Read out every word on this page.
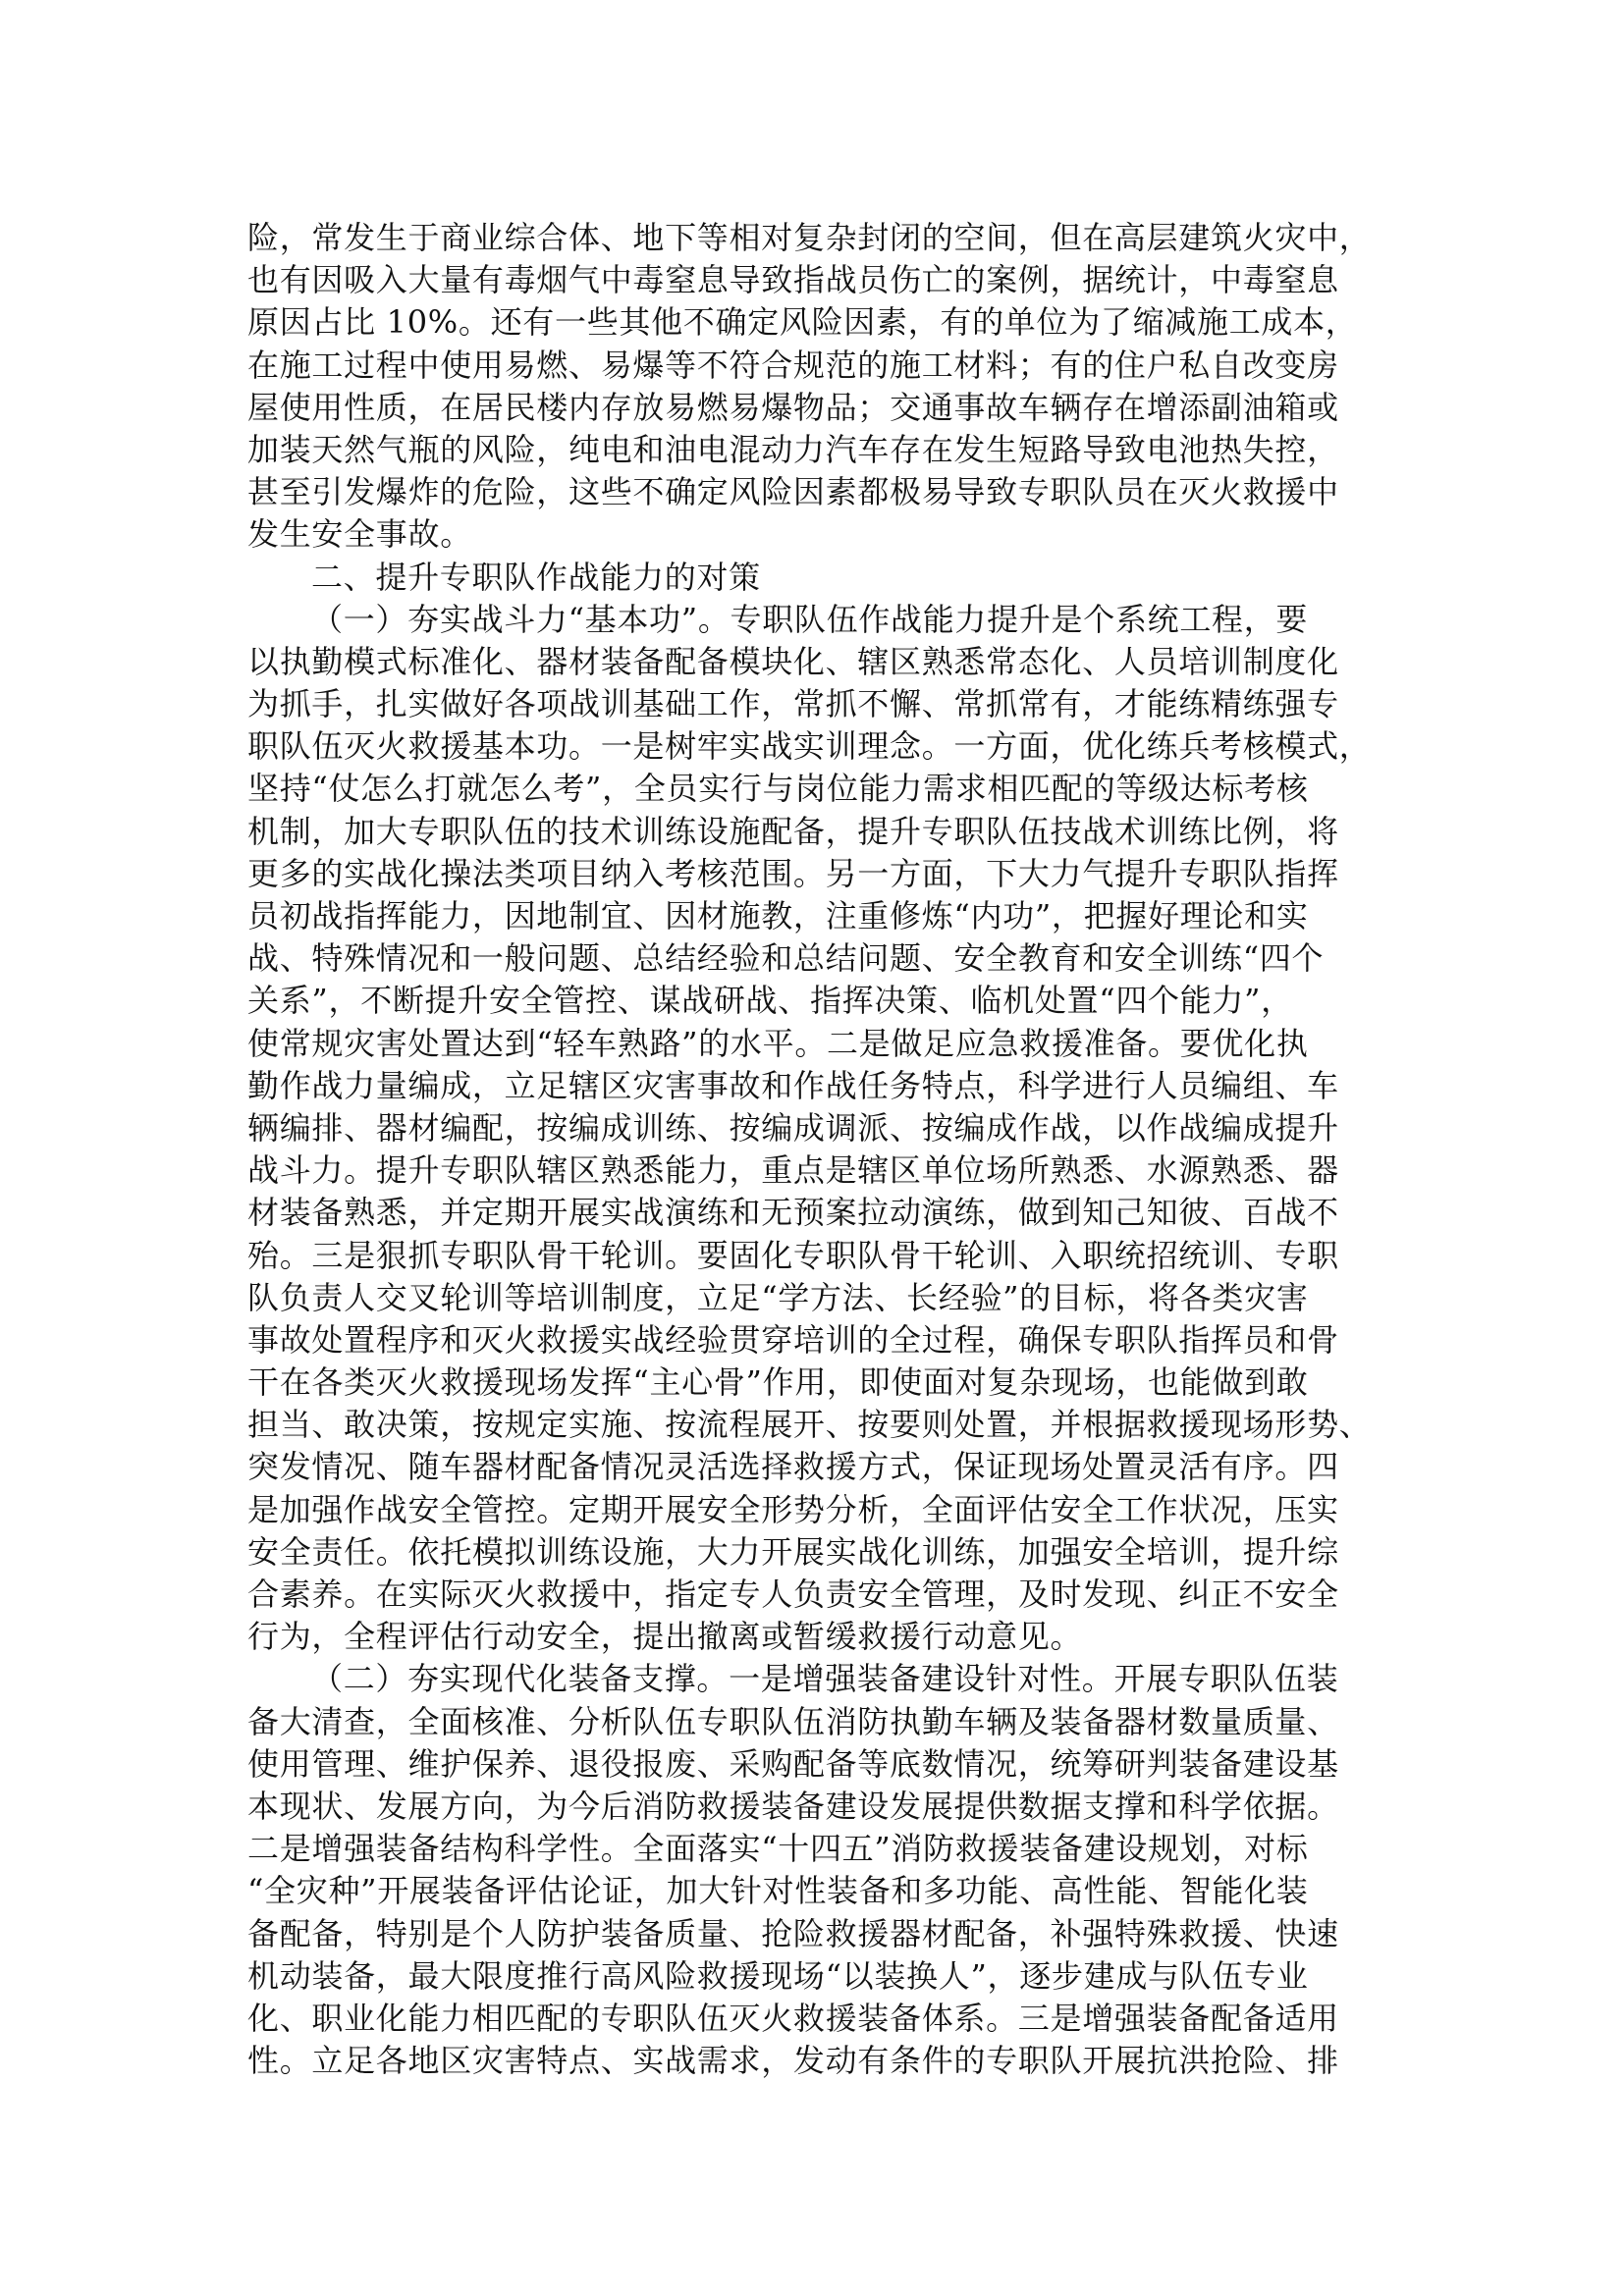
险，常发生于商业综合体、地下等相对复杂封闭的空间，但在高层建筑火灾中，
也有因吸入大量有毒烟气中毒窒息导致指战员伤亡的案例，据统计，中毒窒息
原因占比 10%。还有一些其他不确定风险因素，有的单位为了缩减施工成本，
在施工过程中使用易燃、易爆等不符合规范的施工材料；有的住户私自改变房
屋使用性质，在居民楼内存放易燃易爆物品；交通事故车辆存在增添副油箱或
加装天然气瓶的风险，纯电和油电混动力汽车存在发生短路导致电池热失控，
甚至引发爆炸的危险，这些不确定风险因素都极易导致专职队员在灭火救援中
发生安全事故。
二、提升专职队作战能力的对策
（一）夯实战斗力“基本功”。专职队伍作战能力提升是个系统工程，要
以执勤模式标准化、器材装备配备模块化、辖区熟悉常态化、人员培训制度化
为抓手，扎实做好各项战训基础工作，常抓不懈、常抓常有，才能练精练强专
职队伍灭火救援基本功。一是树牢实战实训理念。一方面，优化练兵考核模式，
坚持“仗怎么打就怎么考”，全员实行与岗位能力需求相匹配的等级达标考核
机制，加大专职队伍的技术训练设施配备，提升专职队伍技战术训练比例，将
更多的实战化操法类项目纳入考核范围。另一方面，下大力气提升专职队指挥
员初战指挥能力，因地制宜、因材施教，注重修炼“内功”，把握好理论和实
战、特殊情况和一般问题、总结经验和总结问题、安全教育和安全训练“四个
关系”，不断提升安全管控、谋战研战、指挥决策、临机处置“四个能力”，
使常规灾害处置达到“轻车熟路”的水平。二是做足应急救援准备。要优化执
勤作战力量编成，立足辖区灾害事故和作战任务特点，科学进行人员编组、车
辆编排、器材编配，按编成训练、按编成调派、按编成作战，以作战编成提升
战斗力。提升专职队辖区熟悉能力，重点是辖区单位场所熟悉、水源熟悉、器
材装备熟悉，并定期开展实战演练和无预案拉动演练，做到知己知彼、百战不
殆。三是狠抓专职队骨干轮训。要固化专职队骨干轮训、入职统招统训、专职
队负责人交叉轮训等培训制度，立足“学方法、长经验”的目标，将各类灾害
事故处置程序和灭火救援实战经验贯穿培训的全过程，确保专职队指挥员和骨
干在各类灭火救援现场发挥“主心骨”作用，即使面对复杂现场，也能做到敢
担当、敢决策，按规定实施、按流程展开、按要则处置，并根据救援现场形势、
突发情况、随车器材配备情况灵活选择救援方式，保证现场处置灵活有序。四
是加强作战安全管控。定期开展安全形势分析，全面评估安全工作状况，压实
安全责任。依托模拟训练设施，大力开展实战化训练，加强安全培训，提升综
合素养。在实际灭火救援中，指定专人负责安全管理，及时发现、纠正不安全
行为，全程评估行动安全，提出撤离或暂缓救援行动意见。
（二）夯实现代化装备支撑。一是增强装备建设针对性。开展专职队伍装
备大清查，全面核准、分析队伍专职队伍消防执勤车辆及装备器材数量质量、
使用管理、维护保养、退役报废、采购配备等底数情况，统筹研判装备建设基
本现状、发展方向，为今后消防救援装备建设发展提供数据支撑和科学依据。
二是增强装备结构科学性。全面落实“十四五”消防救援装备建设规划，对标
“全灾种”开展装备评估论证，加大针对性装备和多功能、高性能、智能化装
备配备，特别是个人防护装备质量、抢险救援器材配备，补强特殊救援、快速
机动装备，最大限度推行高风险救援现场“以装换人”，逐步建成与队伍专业
化、职业化能力相匹配的专职队伍灭火救援装备体系。三是增强装备配备适用
性。立足各地区灾害特点、实战需求，发动有条件的专职队开展抗洪抢险、排
